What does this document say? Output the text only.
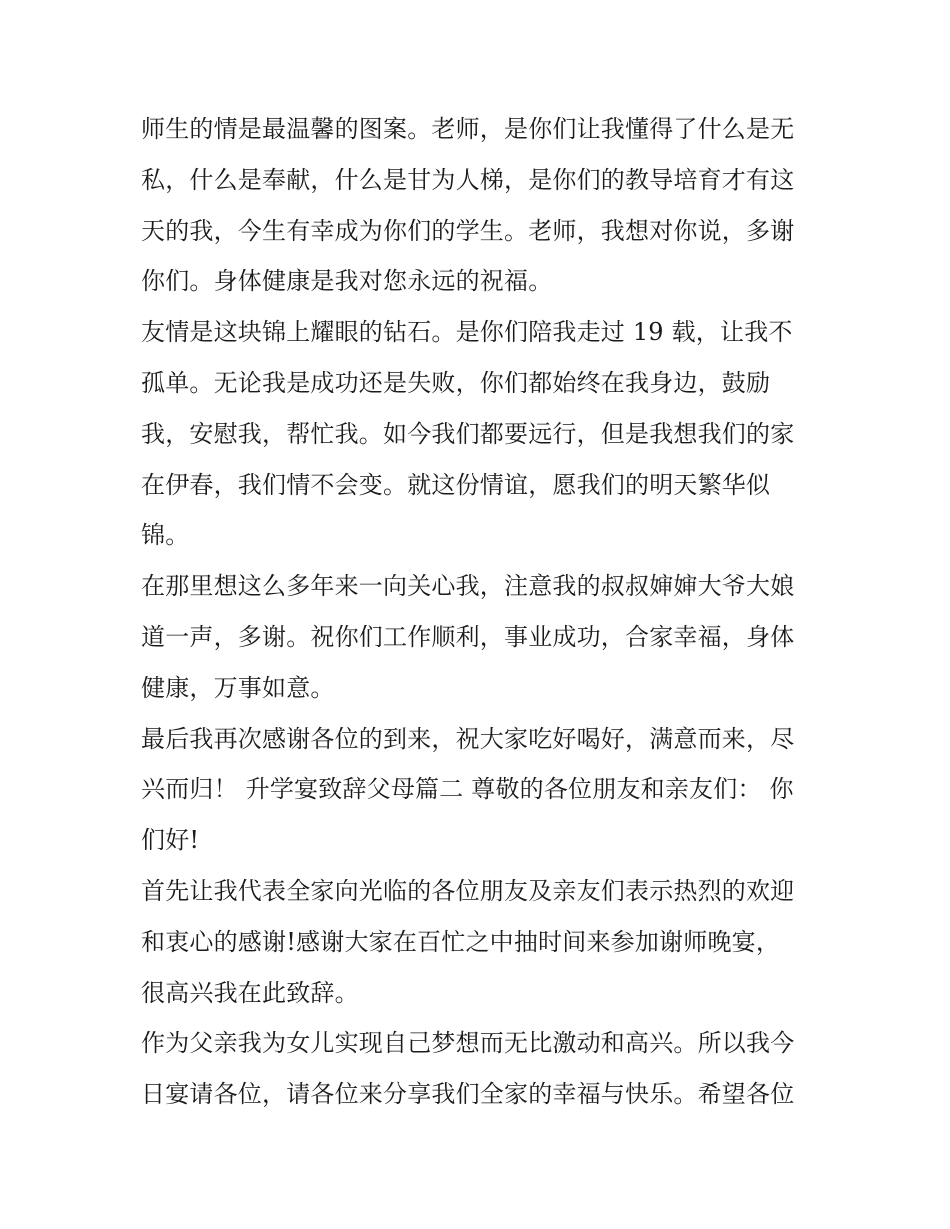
师生的情是最温馨的图案。老师，是你们让我懂得了什么是无
私，什么是奉献，什么是甘为人梯，是你们的教导培育才有这
天的我，今生有幸成为你们的学生。老师，我想对你说，多谢
你们。身体健康是我对您永远的祝福。
友情是这块锦上耀眼的钻石。是你们陪我走过 19 载，让我不
孤单。无论我是成功还是失败，你们都始终在我身边，鼓励
我，安慰我，帮忙我。如今我们都要远行，但是我想我们的家
在伊春，我们情不会变。就这份情谊，愿我们的明天繁华似
锦。
在那里想这么多年来一向关心我，注意我的叔叔婶婶大爷大娘
道一声，多谢。祝你们工作顺利，事业成功，合家幸福，身体
健康，万事如意。
最后我再次感谢各位的到来，祝大家吃好喝好，满意而来，尽
兴而归！ 升学宴致辞父母篇二 尊敬的各位朋友和亲友们： 你
们好!
首先让我代表全家向光临的各位朋友及亲友们表示热烈的欢迎
和衷心的感谢!感谢大家在百忙之中抽时间来参加谢师晚宴，
很高兴我在此致辞。
作为父亲我为女儿实现自己梦想而无比激动和高兴。所以我今
日宴请各位，请各位来分享我们全家的幸福与快乐。希望各位
